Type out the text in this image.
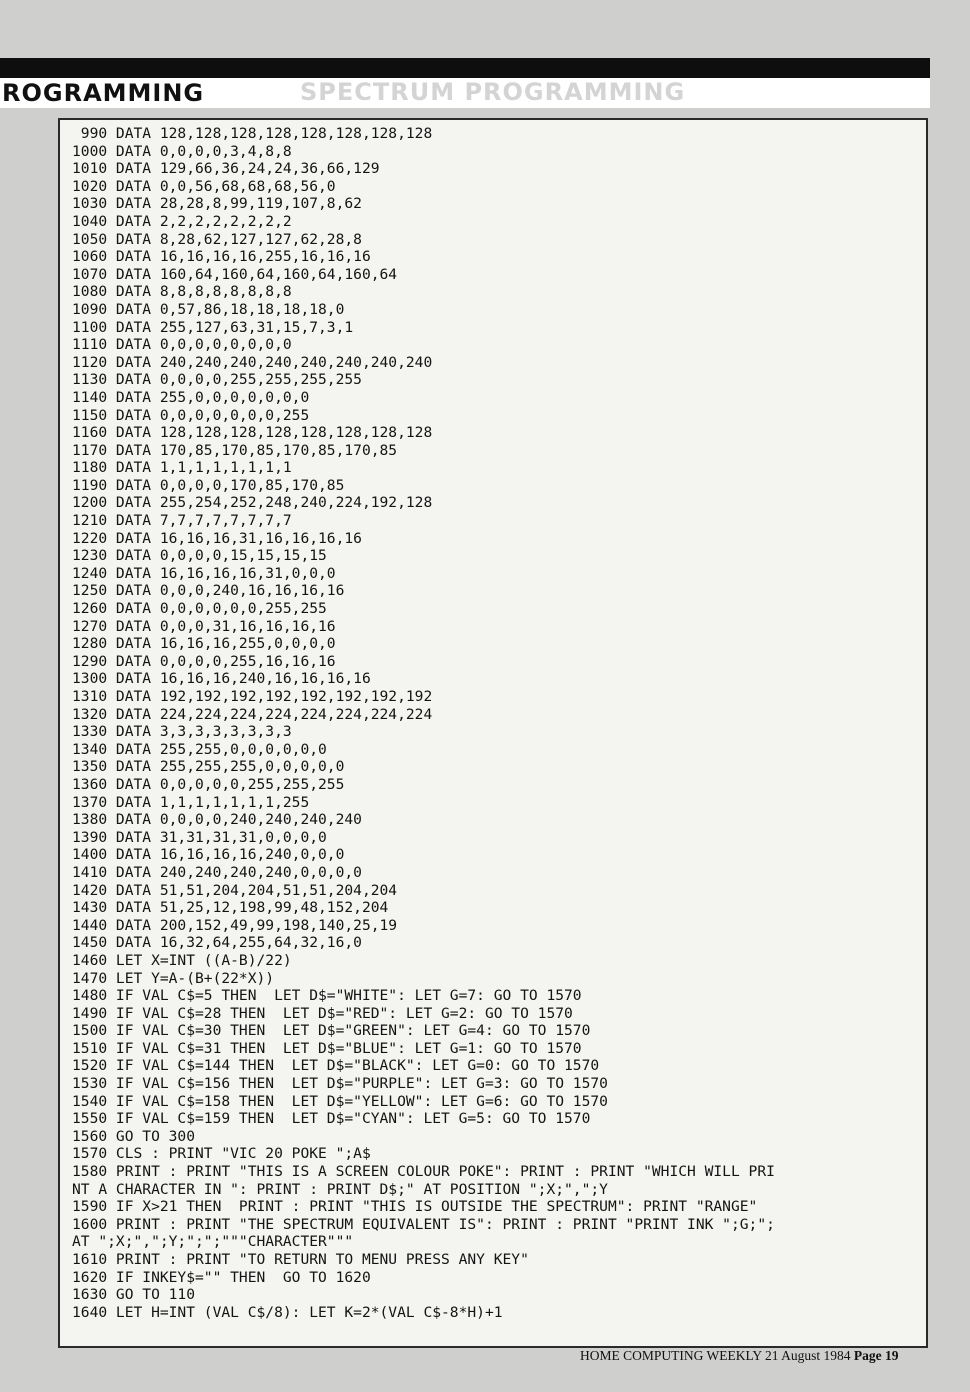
SPECTRUM PROGRAMMING
ROGRAMMING
990 DATA 128,128,128,128,128,128,128,128
1000 DATA 0,0,0,0,3,4,8,8
1010 DATA 129,66,36,24,24,36,66,129
1020 DATA 0,0,56,68,68,68,56,0
1030 DATA 28,28,8,99,119,107,8,62
1040 DATA 2,2,2,2,2,2,2,2
1050 DATA 8,28,62,127,127,62,28,8
1060 DATA 16,16,16,16,255,16,16,16
1070 DATA 160,64,160,64,160,64,160,64
1080 DATA 8,8,8,8,8,8,8,8
1090 DATA 0,57,86,18,18,18,18,0
1100 DATA 255,127,63,31,15,7,3,1
1110 DATA 0,0,0,0,0,0,0,0
1120 DATA 240,240,240,240,240,240,240,240
1130 DATA 0,0,0,0,255,255,255,255
1140 DATA 255,0,0,0,0,0,0,0
1150 DATA 0,0,0,0,0,0,0,255
1160 DATA 128,128,128,128,128,128,128,128
1170 DATA 170,85,170,85,170,85,170,85
1180 DATA 1,1,1,1,1,1,1,1
1190 DATA 0,0,0,0,170,85,170,85
1200 DATA 255,254,252,248,240,224,192,128
1210 DATA 7,7,7,7,7,7,7,7
1220 DATA 16,16,16,31,16,16,16,16
1230 DATA 0,0,0,0,15,15,15,15
1240 DATA 16,16,16,16,31,0,0,0
1250 DATA 0,0,0,240,16,16,16,16
1260 DATA 0,0,0,0,0,0,255,255
1270 DATA 0,0,0,31,16,16,16,16
1280 DATA 16,16,16,255,0,0,0,0
1290 DATA 0,0,0,0,255,16,16,16
1300 DATA 16,16,16,240,16,16,16,16
1310 DATA 192,192,192,192,192,192,192,192
1320 DATA 224,224,224,224,224,224,224,224
1330 DATA 3,3,3,3,3,3,3,3
1340 DATA 255,255,0,0,0,0,0,0
1350 DATA 255,255,255,0,0,0,0,0
1360 DATA 0,0,0,0,0,255,255,255
1370 DATA 1,1,1,1,1,1,1,255
1380 DATA 0,0,0,0,240,240,240,240
1390 DATA 31,31,31,31,0,0,0,0
1400 DATA 16,16,16,16,240,0,0,0
1410 DATA 240,240,240,240,0,0,0,0
1420 DATA 51,51,204,204,51,51,204,204
1430 DATA 51,25,12,198,99,48,152,204
1440 DATA 200,152,49,99,198,140,25,19
1450 DATA 16,32,64,255,64,32,16,0
1460 LET X=INT ((A-B)/22)
1470 LET Y=A-(B+(22*X))
1480 IF VAL C$=5 THEN  LET D$="WHITE": LET G=7: GO TO 1570
1490 IF VAL C$=28 THEN  LET D$="RED": LET G=2: GO TO 1570
1500 IF VAL C$=30 THEN  LET D$="GREEN": LET G=4: GO TO 1570
1510 IF VAL C$=31 THEN  LET D$="BLUE": LET G=1: GO TO 1570
1520 IF VAL C$=144 THEN  LET D$="BLACK": LET G=0: GO TO 1570
1530 IF VAL C$=156 THEN  LET D$="PURPLE": LET G=3: GO TO 1570
1540 IF VAL C$=158 THEN  LET D$="YELLOW": LET G=6: GO TO 1570
1550 IF VAL C$=159 THEN  LET D$="CYAN": LET G=5: GO TO 1570
1560 GO TO 300
1570 CLS : PRINT "VIC 20 POKE ";A$
1580 PRINT : PRINT "THIS IS A SCREEN COLOUR POKE": PRINT : PRINT "WHICH WILL PRI
NT A CHARACTER IN ": PRINT : PRINT D$;" AT POSITION ";X;",";Y
1590 IF X>21 THEN  PRINT : PRINT "THIS IS OUTSIDE THE SPECTRUM": PRINT "RANGE"
1600 PRINT : PRINT "THE SPECTRUM EQUIVALENT IS": PRINT : PRINT "PRINT INK ";G;";
AT ";X;",";Y;";";"""CHARACTER"""
1610 PRINT : PRINT "TO RETURN TO MENU PRESS ANY KEY"
1620 IF INKEY$="" THEN  GO TO 1620
1630 GO TO 110
1640 LET H=INT (VAL C$/8): LET K=2*(VAL C$-8*H)+1
HOME COMPUTING WEEKLY 21 August 1984 Page 19
